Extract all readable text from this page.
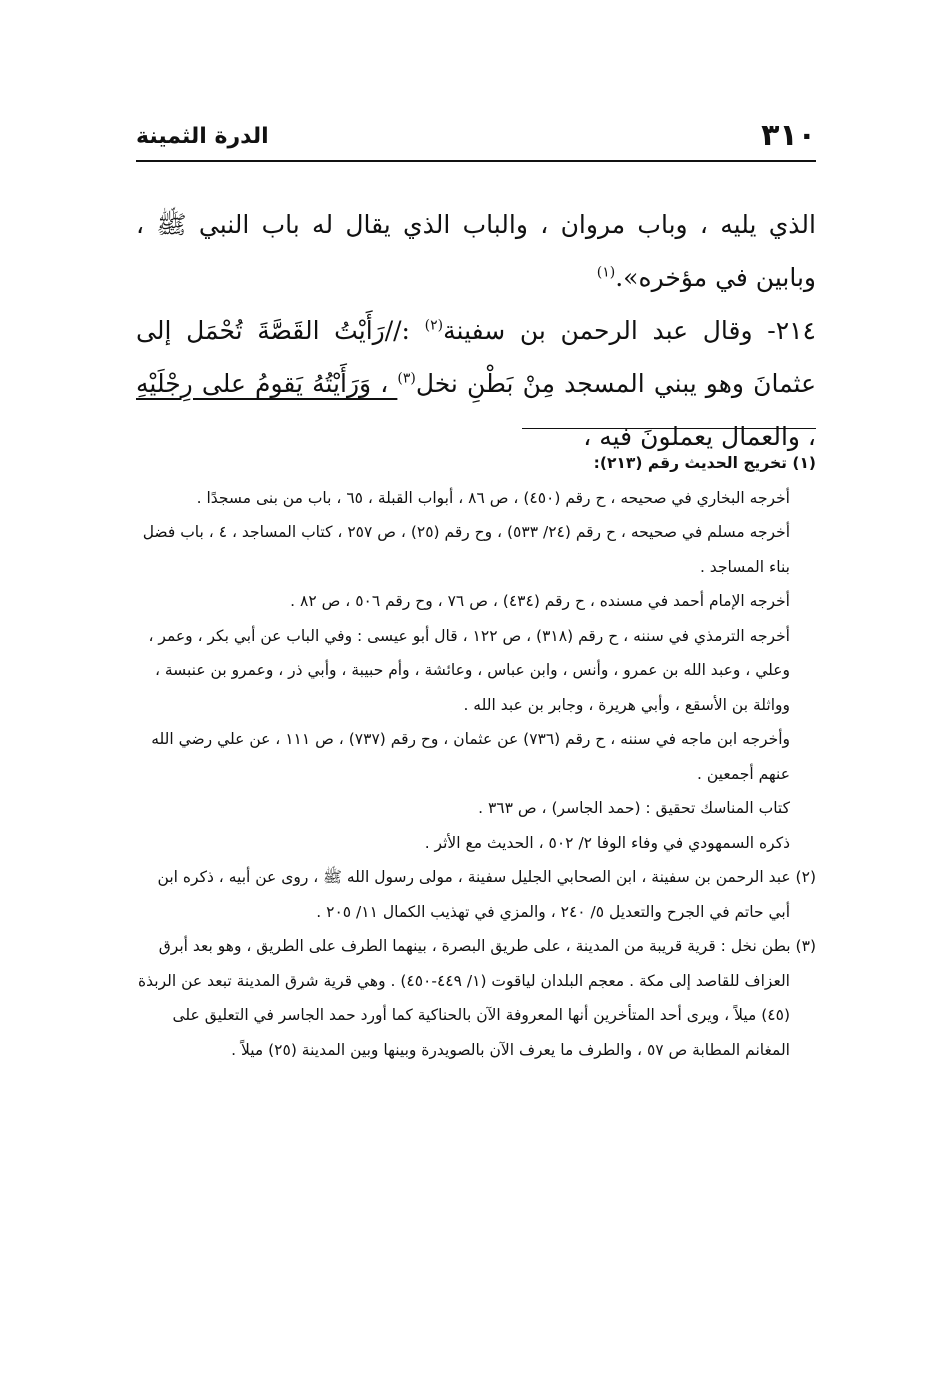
٣١٠
الدرة الثمينة

الذي يليه ، وباب مروان ، والباب الذي يقال له باب النبي ﷺ ، وبابين في مؤخره».$^{(١)}$

٢١٤- وقال عبد الرحمن بن سفينة$^{(٢)}$ ://رَأَيْتُ القَصَّةَ تُحْمَل إلى عثمانَ وهو يبني المسجد مِنْ بَطْنِ نخل$^{(٣)}$ ، وَرَأَيْتُهُ يَقومُ على رِجْلَيْهِ ، والعمال يعملونَ فيه ،

(١) تخريج الحديث رقم (٢١٣):

أخرجه البخاري في صحيحه ، ح رقم (٤٥٠) ، ص ٨٦ ، أبواب القبلة ، ٦٥ ، باب من بنى مسجدًا .

أخرجه مسلم في صحيحه ، ح رقم (٢٤/ ٥٣٣) ، وح رقم (٢٥) ، ص ٢٥٧ ، كتاب المساجد ، ٤ ، باب فضل بناء المساجد .

أخرجه الإمام أحمد في مسنده ، ح رقم (٤٣٤) ، ص ٧٦ ، وح رقم ٥٠٦ ، ص ٨٢ .

أخرجه الترمذي في سننه ، ح رقم (٣١٨) ، ص ١٢٢ ، قال أبو عيسى : وفي الباب عن أبي بكر ، وعمر ، وعلي ، وعبد الله بن عمرو ، وأنس ، وابن عباس ، وعائشة ، وأم حبيبة ، وأبي ذر ، وعمرو بن عنبسة ، وواثلة بن الأسقع ، وأبي هريرة ، وجابر بن عبد الله .

وأخرجه ابن ماجه في سننه ، ح رقم (٧٣٦) عن عثمان ، وح رقم (٧٣٧) ، ص ١١١ ، عن علي رضي الله عنهم أجمعين .

كتاب المناسك تحقيق : (حمد الجاسر) ، ص ٣٦٣ .

ذكره السمهودي في وفاء الوفا ٢/ ٥٠٢ ، الحديث مع الأثر .

(٢) عبد الرحمن بن سفينة ، ابن الصحابي الجليل سفينة ، مولى رسول الله ﷺ ، روى عن أبيه ، ذكره ابن أبي حاتم في الجرح والتعديل ٥/ ٢٤٠ ، والمزي في تهذيب الكمال ١١/ ٢٠٥ .

(٣) بطن نخل : قرية قريبة من المدينة ، على طريق البصرة ، بينهما الطرف على الطريق ، وهو بعد أبرق العزاف للقاصد إلى مكة . معجم البلدان لياقوت (١/ ٤٤٩-٤٥٠) . وهي قرية شرق المدينة تبعد عن الربذة (٤٥) ميلاً ، ويرى أحد المتأخرين أنها المعروفة الآن بالحناكية كما أورد حمد الجاسر في التعليق على المغانم المطابة ص ٥٧ ، والطرف ما يعرف الآن بالصويدرة وبينها وبين المدينة (٢٥) ميلاً .
